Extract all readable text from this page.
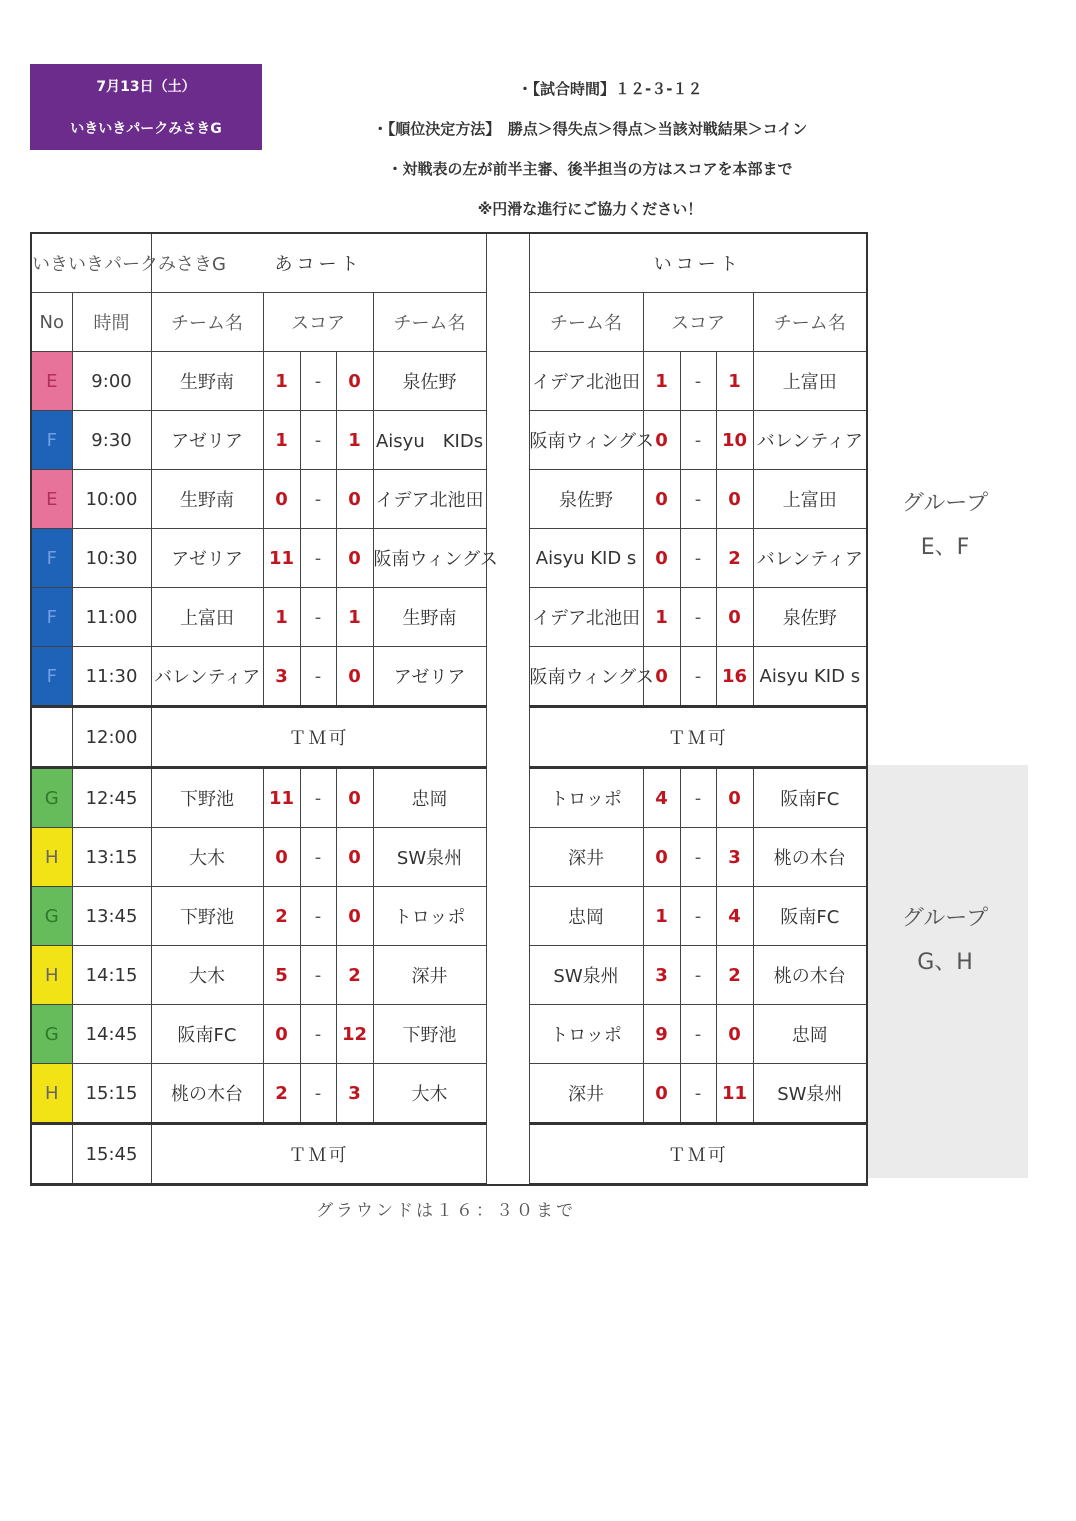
7月13日（土）
いきいきパークみさきG
・【試合時間】１２-３-１２
・【順位決定方法】　勝点＞得失点＞得点＞当該対戦結果＞コイン
・対戦表の左が前半主審、後半担当の方はスコアを本部まで
※円滑な進行にご協力ください！
いきいきパークみさきG		あコート						いコート				
No	時間	チーム名	スコア			チーム名		チーム名	スコア			チーム名
E	9:00	生野南	1	-	0	泉佐野		イデア北池田	1	-	1	上富田
F	9:30	アゼリア	1	-	1	Aisyu　KIDs		阪南ウィングス	0	-	10	バレンティア
E	10:00	生野南	0	-	0	イデア北池田		泉佐野	0	-	0	上富田
F	10:30	アゼリア	11	-	0	阪南ウィングス		Aisyu KID s	0	-	2	バレンティア
F	11:00	上富田	1	-	1	生野南		イデア北池田	1	-	0	泉佐野
F	11:30	バレンティア	3	-	0	アゼリア		阪南ウィングス	0	-	16	Aisyu KID s
	12:00	ＴＭ可						ＴＭ可				
G	12:45	下野池	11	-	0	忠岡		トロッポ	4	-	0	阪南FC
H	13:15	大木	0	-	0	SW泉州		深井	0	-	3	桃の木台
G	13:45	下野池	2	-	0	トロッポ		忠岡	1	-	4	阪南FC
H	14:15	大木	5	-	2	深井		SW泉州	3	-	2	桃の木台
G	14:45	阪南FC	0	-	12	下野池		トロッポ	9	-	0	忠岡
H	15:15	桃の木台	2	-	3	大木		深井	0	-	11	SW泉州
	15:45	ＴＭ可						ＴＭ可				
グループ
E、F
グループ
G、H
グラウンドは１６：３０まで
